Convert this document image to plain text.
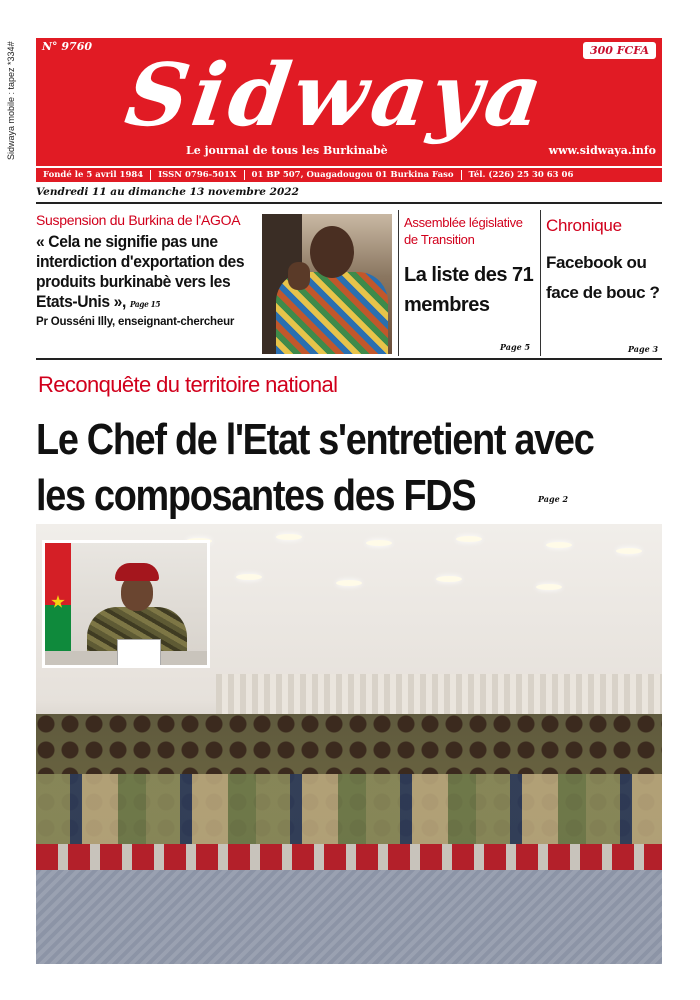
Sidwaya mobile : tapez *334#	N° 9760	300 FCFA
Sidwaya
Le journal de tous les Burkinabè	www.sidwaya.info
Fondé le 5 avril 1984	ISSN 0796-501X	01 BP 507, Ouagadougou 01 Burkina Faso	Tél. (226) 25 30 63 06
Vendredi 11 au dimanche 13 novembre 2022
Suspension du Burkina de l'AGOA
« Cela ne signifie pas une interdiction d'exportation des produits burkinabè vers les Etats-Unis », Page 15
Pr Ousséni Illy, enseignant-chercheur
Assemblée législative de Transition
La liste des 71 membres
Page 5
Chronique
Facebook ou face de bouc ?
Page 3
Reconquête du territoire national
Le Chef de l'Etat s'entretient avec
les composantes des FDS	Page 2
